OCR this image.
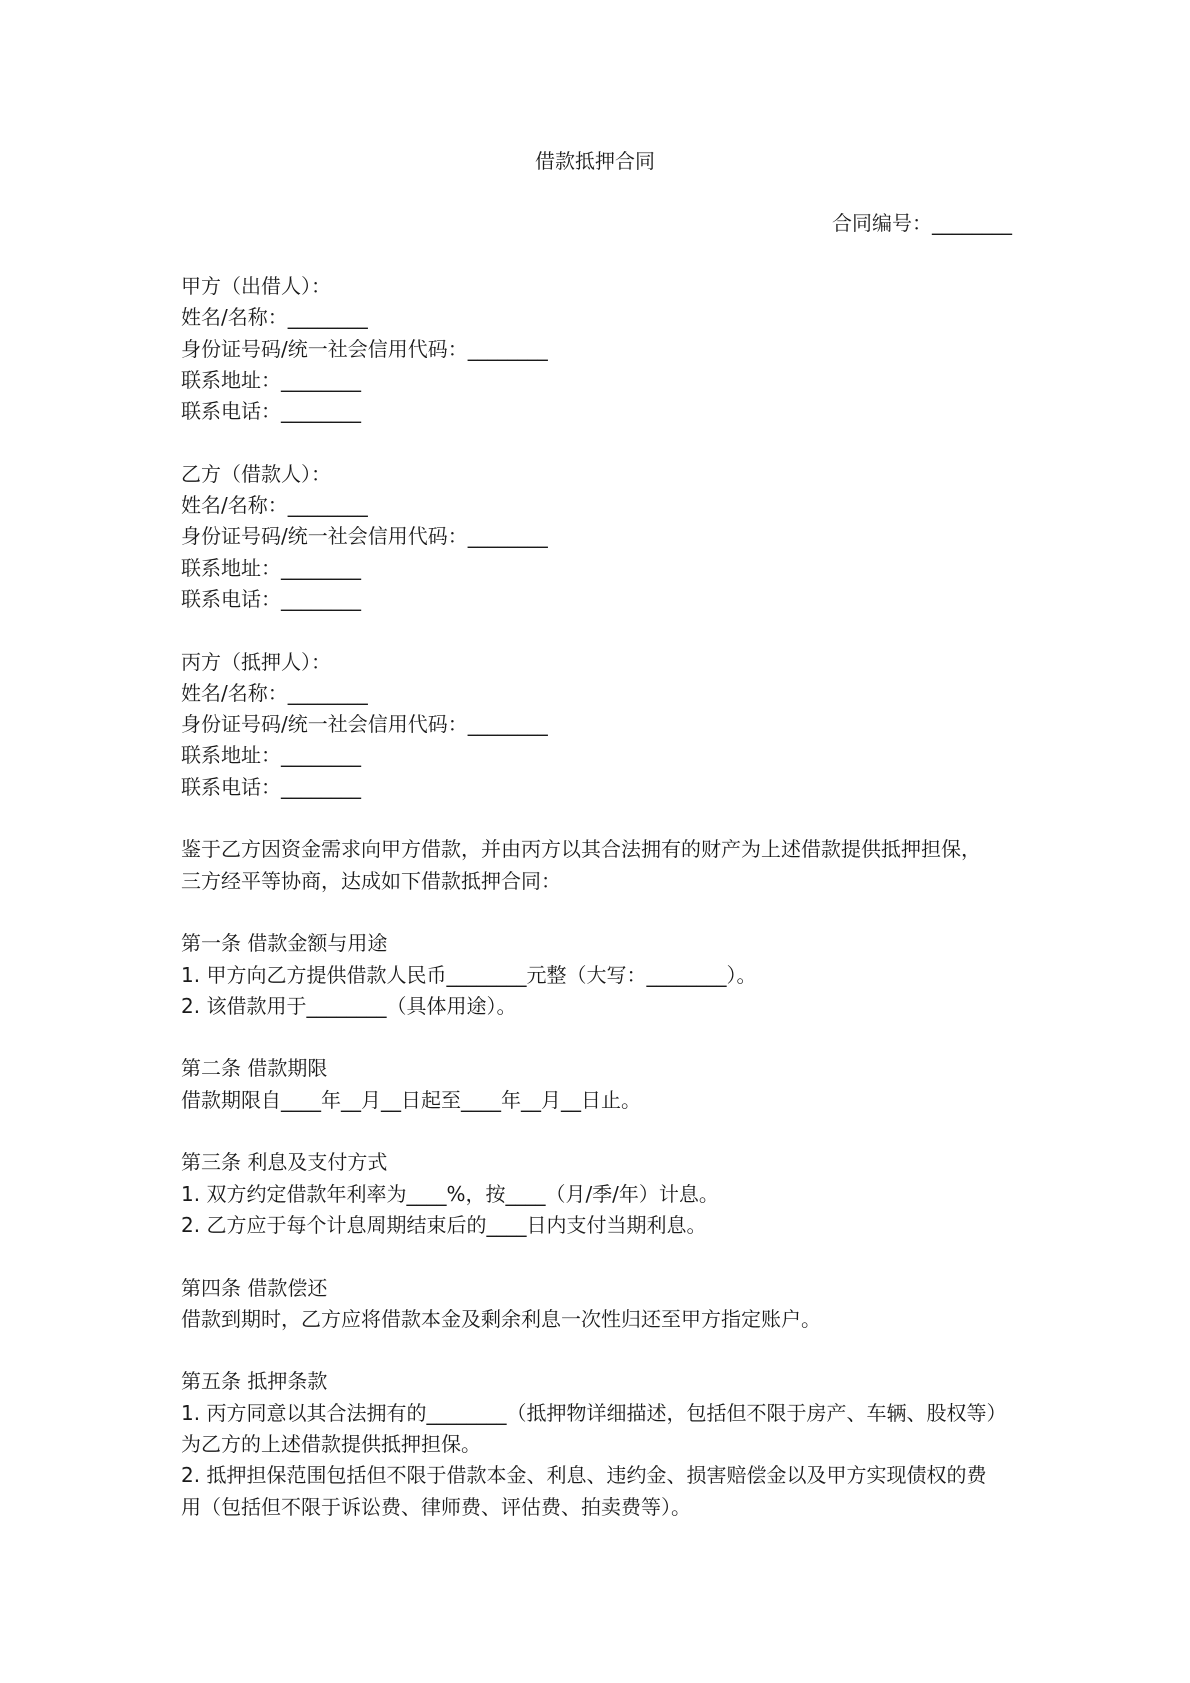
借款抵押合同
合同编号：________
甲方（出借人）：
姓名/名称：________
身份证号码/统一社会信用代码：________
联系地址：________
联系电话：________
乙方（借款人）：
姓名/名称：________
身份证号码/统一社会信用代码：________
联系地址：________
联系电话：________
丙方（抵押人）：
姓名/名称：________
身份证号码/统一社会信用代码：________
联系地址：________
联系电话：________
鉴于乙方因资金需求向甲方借款，并由丙方以其合法拥有的财产为上述借款提供抵押担保，
三方经平等协商，达成如下借款抵押合同：
第一条 借款金额与用途
1. 甲方向乙方提供借款人民币________元整（大写：________）。
2. 该借款用于________（具体用途）。
第二条 借款期限
借款期限自____年__月__日起至____年__月__日止。
第三条 利息及支付方式
1. 双方约定借款年利率为____%，按____（月/季/年）计息。
2. 乙方应于每个计息周期结束后的____日内支付当期利息。
第四条 借款偿还
借款到期时，乙方应将借款本金及剩余利息一次性归还至甲方指定账户。
第五条 抵押条款
1. 丙方同意以其合法拥有的________（抵押物详细描述，包括但不限于房产、车辆、股权等）
为乙方的上述借款提供抵押担保。
2. 抵押担保范围包括但不限于借款本金、利息、违约金、损害赔偿金以及甲方实现债权的费
用（包括但不限于诉讼费、律师费、评估费、拍卖费等）。
